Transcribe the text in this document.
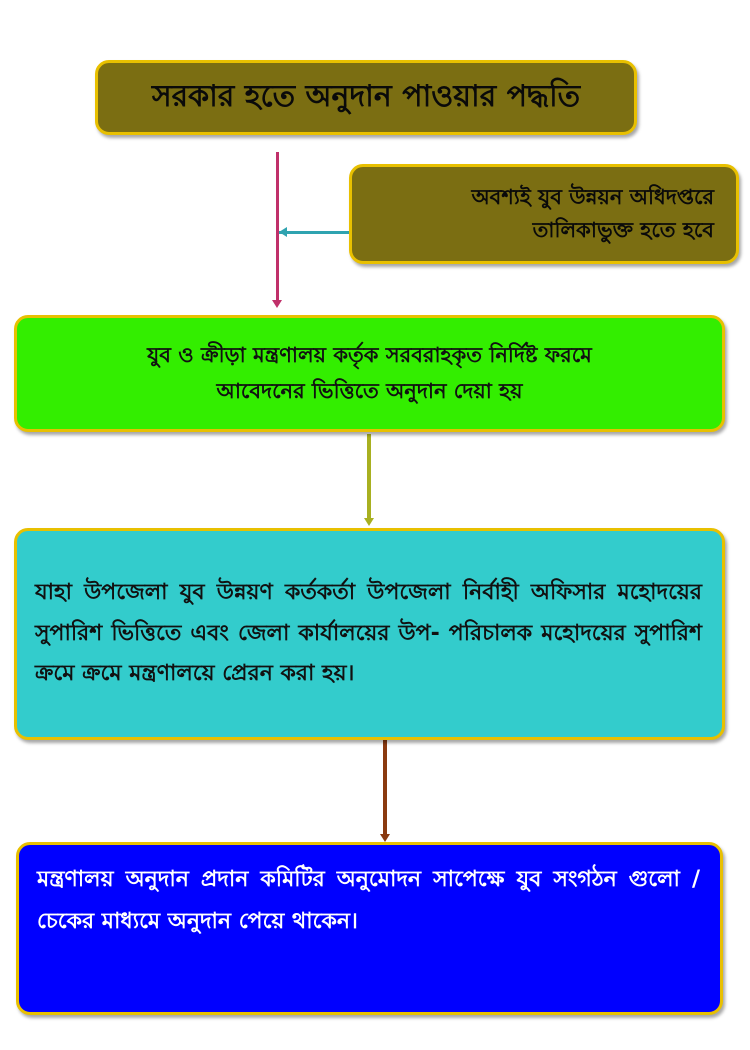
সরকার হতে অনুদান পাওয়ার পদ্ধতি
অবশ্যই যুব উন্নয়ন অধিদপ্তরে
তালিকাভুক্ত হতে হবে
যুব ও ক্রীড়া মন্ত্রণালয় কর্তৃক সরবরাহকৃত নির্দিষ্ট ফরমে
আবেদনের ভিত্তিতে অনুদান দেয়া হয়
যাহা উপজেলা যুব উন্নয়ণ কর্তকর্তা উপজেলা নির্বাহী অফিসার মহোদয়ের সুপারিশ ভিত্তিতে এবং জেলা কার্যালয়ের উপ- পরিচালক মহোদয়ের সুপারিশ ক্রমে ক্রমে মন্ত্রণালয়ে প্রেরন করা হয়।
মন্ত্রণালয় অনুদান প্রদান কমিটির অনুমোদন সাপেক্ষে যুব সংগঠন গুলো / চেকের মাধ্যমে অনুদান পেয়ে থাকেন।
